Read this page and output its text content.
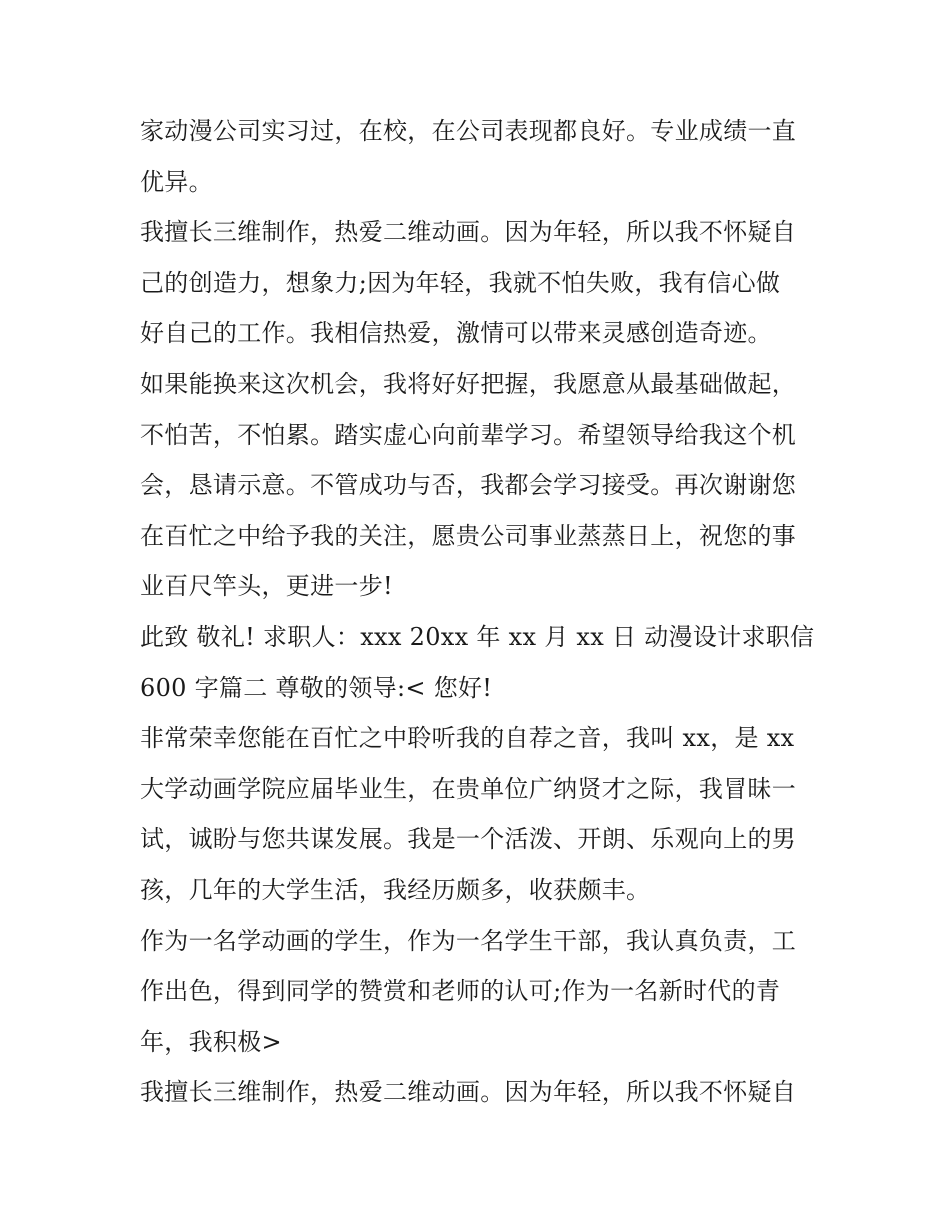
家动漫公司实习过，在校，在公司表现都良好。专业成绩一直
优异。
我擅长三维制作，热爱二维动画。因为年轻，所以我不怀疑自
己的创造力，想象力;因为年轻，我就不怕失败，我有信心做
好自己的工作。我相信热爱，激情可以带来灵感创造奇迹。
如果能换来这次机会，我将好好把握，我愿意从最基础做起，
不怕苦，不怕累。踏实虚心向前辈学习。希望领导给我这个机
会，恳请示意。不管成功与否，我都会学习接受。再次谢谢您
在百忙之中给予我的关注，愿贵公司事业蒸蒸日上，祝您的事
业百尺竿头，更进一步!
此致 敬礼! 求职人：xxx 20xx 年 xx 月 xx 日 动漫设计求职信
600 字篇二 尊敬的领导:< 您好!
非常荣幸您能在百忙之中聆听我的自荐之音，我叫 xx，是 xx
大学动画学院应届毕业生，在贵单位广纳贤才之际，我冒昧一
试，诚盼与您共谋发展。我是一个活泼、开朗、乐观向上的男
孩，几年的大学生活，我经历颇多，收获颇丰。
作为一名学动画的学生，作为一名学生干部，我认真负责，工
作出色，得到同学的赞赏和老师的认可;作为一名新时代的青
年，我积极>
我擅长三维制作，热爱二维动画。因为年轻，所以我不怀疑自
